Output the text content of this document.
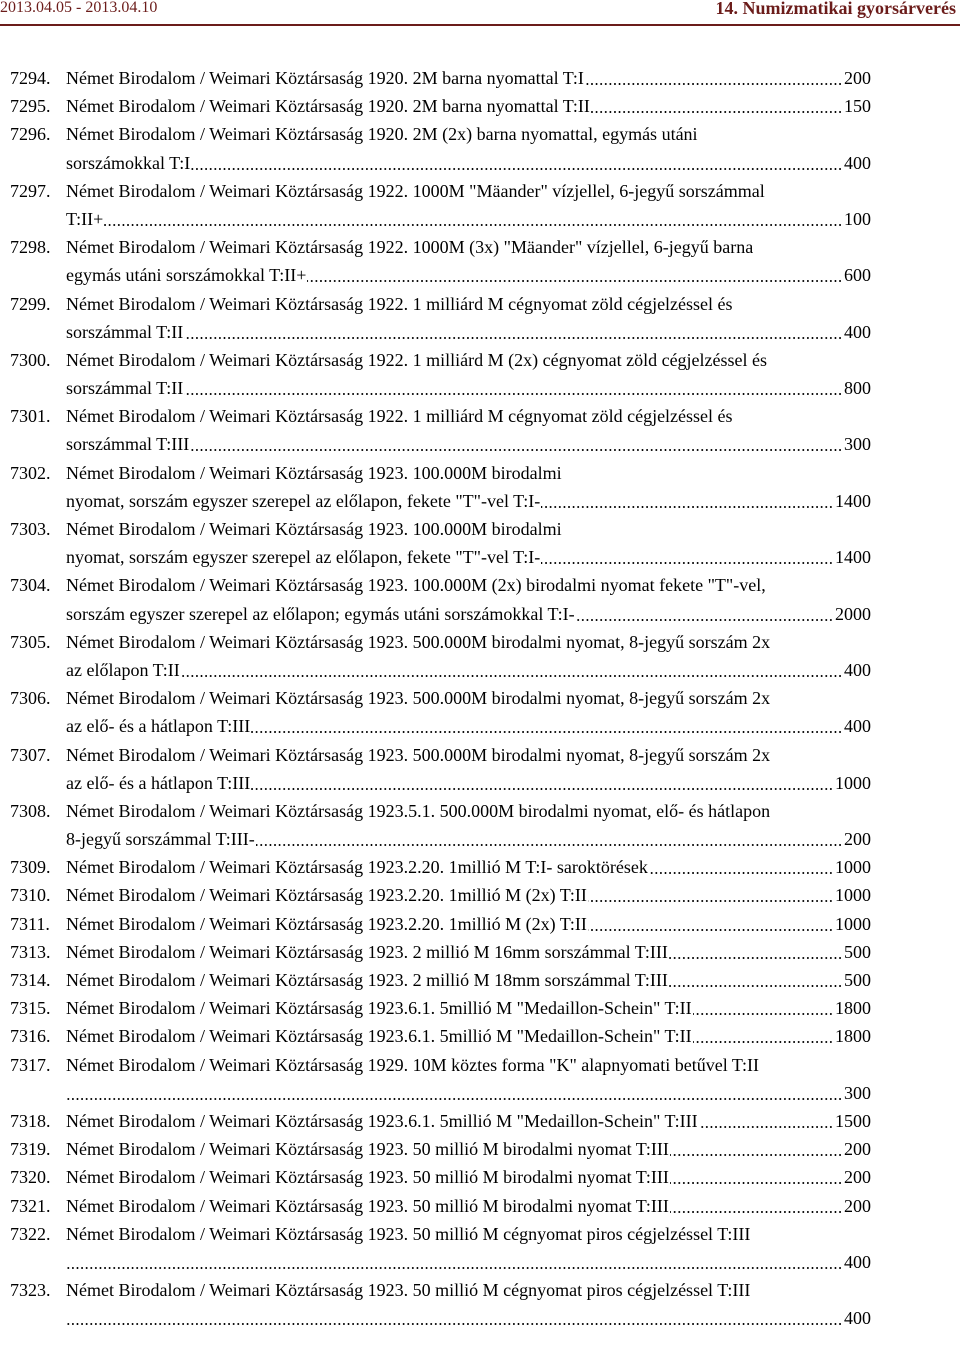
2013.04.05 - 2013.04.10	14. Numizmatikai gyorsárverés
7294. Német Birodalom / Weimari Köztársaság 1920. 2M barna nyomattal T:I	200
7295. Német Birodalom / Weimari Köztársaság 1920. 2M barna nyomattal T:II	150
7296. Német Birodalom / Weimari Köztársaság 1920. 2M (2x) barna nyomattal, egymás utáni
sorszámokkal T:I	400
7297. Német Birodalom / Weimari Köztársaság 1922. 1000M "Mäander" vízjellel, 6-jegyű sorszámmal
T:II+	100
7298. Német Birodalom / Weimari Köztársaság 1922. 1000M (3x) "Mäander" vízjellel, 6-jegyű barna
egymás utáni sorszámokkal T:II+	600
7299. Német Birodalom / Weimari Köztársaság 1922. 1 milliárd M cégnyomat zöld cégjelzéssel és
sorszámmal T:II	400
7300. Német Birodalom / Weimari Köztársaság 1922. 1 milliárd M (2x) cégnyomat zöld cégjelzéssel és
sorszámmal T:II	800
7301. Német Birodalom / Weimari Köztársaság 1922. 1 milliárd M cégnyomat zöld cégjelzéssel és
sorszámmal T:III	300
7302. Német Birodalom / Weimari Köztársaság 1923. 100.000M birodalmi
nyomat, sorszám egyszer szerepel az előlapon, fekete "T"-vel T:I-	1400
7303. Német Birodalom / Weimari Köztársaság 1923. 100.000M birodalmi
nyomat, sorszám egyszer szerepel az előlapon, fekete "T"-vel T:I-	1400
7304. Német Birodalom / Weimari Köztársaság 1923. 100.000M (2x) birodalmi nyomat fekete "T"-vel,
sorszám egyszer szerepel az előlapon; egymás utáni sorszámokkal T:I-	2000
7305. Német Birodalom / Weimari Köztársaság 1923. 500.000M birodalmi nyomat, 8-jegyű sorszám 2x
az előlapon T:II	400
7306. Német Birodalom / Weimari Köztársaság 1923. 500.000M birodalmi nyomat, 8-jegyű sorszám 2x
az elő- és a hátlapon T:III	400
7307. Német Birodalom / Weimari Köztársaság 1923. 500.000M birodalmi nyomat, 8-jegyű sorszám 2x
az elő- és a hátlapon T:III	1000
7308. Német Birodalom / Weimari Köztársaság 1923.5.1. 500.000M birodalmi nyomat, elő- és hátlapon
8-jegyű sorszámmal T:III-	200
7309. Német Birodalom / Weimari Köztársaság 1923.2.20. 1millió M T:I- saroktörések	1000
7310. Német Birodalom / Weimari Köztársaság 1923.2.20. 1millió M (2x) T:II	1000
7311. Német Birodalom / Weimari Köztársaság 1923.2.20. 1millió M (2x) T:II	1000
7313. Német Birodalom / Weimari Köztársaság 1923. 2 millió M 16mm sorszámmal T:III	500
7314. Német Birodalom / Weimari Köztársaság 1923. 2 millió M 18mm sorszámmal T:III	500
7315. Német Birodalom / Weimari Köztársaság 1923.6.1. 5millió M "Medaillon-Schein" T:II	1800
7316. Német Birodalom / Weimari Köztársaság 1923.6.1. 5millió M "Medaillon-Schein" T:II	1800
7317. Német Birodalom / Weimari Köztársaság 1929. 10M köztes forma "K" alapnyomati betűvel T:II
300
7318. Német Birodalom / Weimari Köztársaság 1923.6.1. 5millió M "Medaillon-Schein" T:III	1500
7319. Német Birodalom / Weimari Köztársaság 1923. 50 millió M birodalmi nyomat T:III	200
7320. Német Birodalom / Weimari Köztársaság 1923. 50 millió M birodalmi nyomat T:III	200
7321. Német Birodalom / Weimari Köztársaság 1923. 50 millió M birodalmi nyomat T:III	200
7322. Német Birodalom / Weimari Köztársaság 1923. 50 millió M cégnyomat piros cégjelzéssel T:III
400
7323. Német Birodalom / Weimari Köztársaság 1923. 50 millió M cégnyomat piros cégjelzéssel T:III
400
